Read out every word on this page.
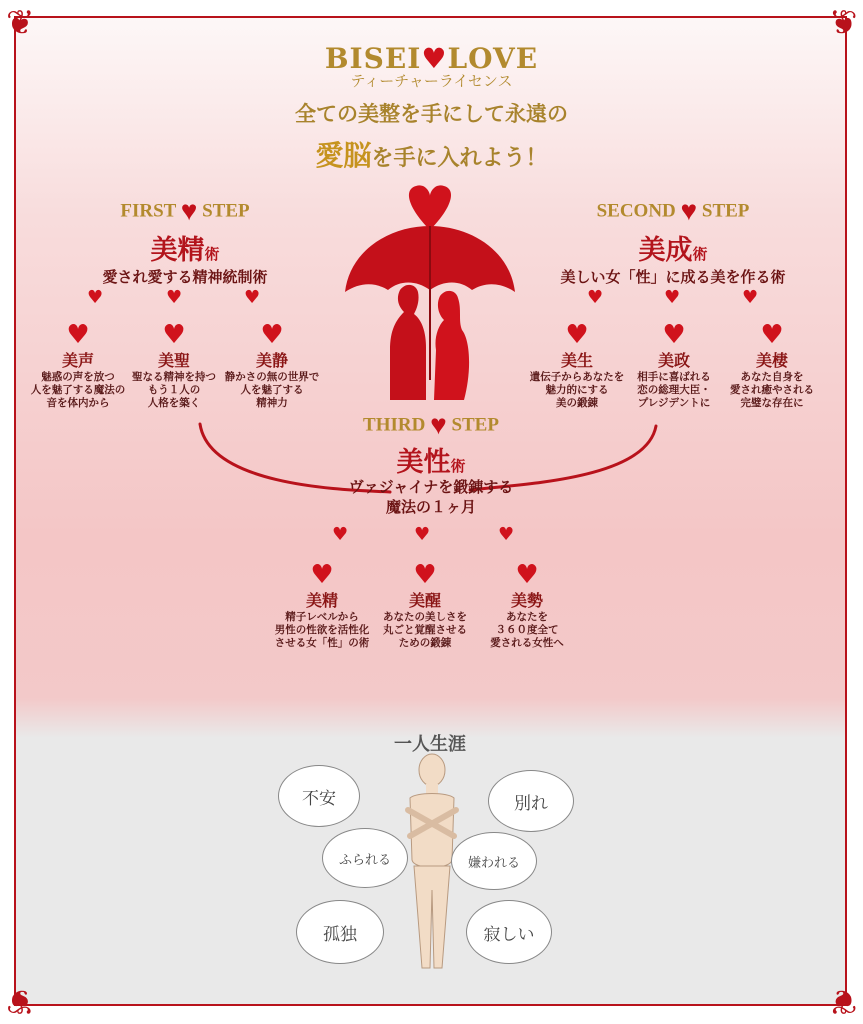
❦	❦
❦	❦
BISEI♥LOVE
ティーチャーライセンス
全ての美整を手にして永遠の
愛脳を手に入れよう！
FIRST ♥ STEP
美精術
愛され愛する精神統制術
♥	♥	♥
♥
美声
魅惑の声を放つ
人を魅了する魔法の
音を体内から
♥
美聖
聖なる精神を持つ
もう１人の
人格を築く
♥
美静
静かさの無の世界で
人を魅了する
精神力
SECOND ♥ STEP
美成術
美しい女「性」に成る美を作る術
♥	♥	♥
♥
美生
遺伝子からあなたを
魅力的にする
美の鍛錬
♥
美政
相手に喜ばれる
恋の総理大臣・
プレジデントに
♥
美棲
あなた自身を
愛され癒やされる
完璧な存在に
THIRD ♥ STEP
美性術
ヴァジャイナを鍛錬する
魔法の１ヶ月
♥	♥	♥
♥
美精
精子レベルから
男性の性欲を活性化
させる女「性」の術
♥
美醒
あなたの美しさを
丸ごと覚醒させる
ための鍛錬
♥
美勢
あなたを
３６０度全て
愛される女性へ
一人生涯
不安	別れ
ふられる	嫌われる
孤独	寂しい
